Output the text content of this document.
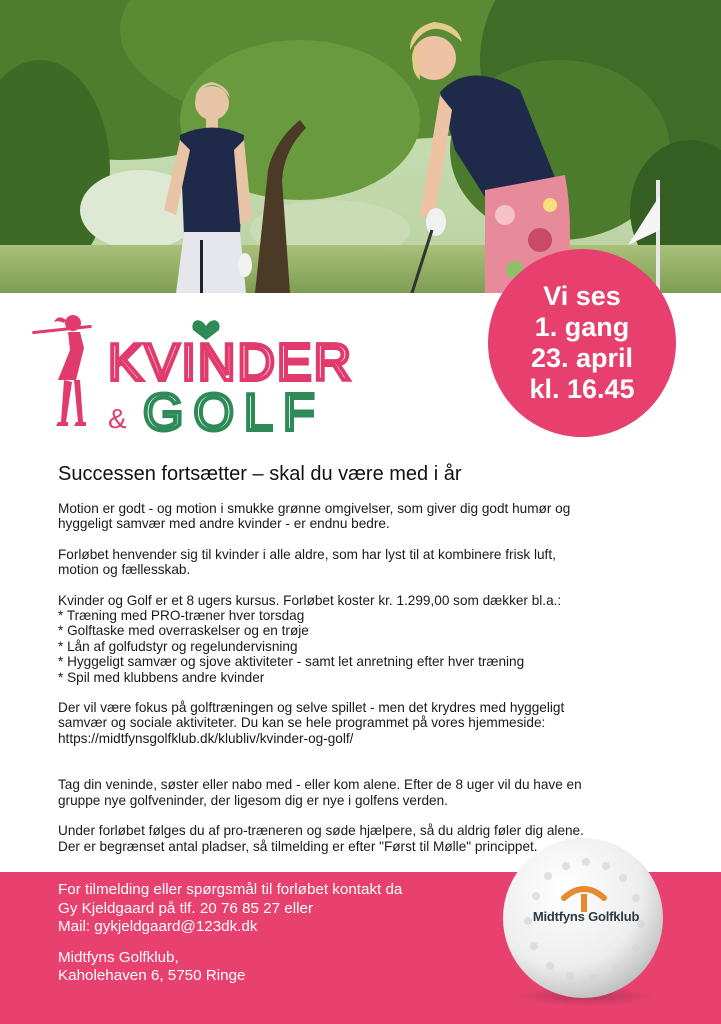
Vi ses
1. gang
23. april
kl. 16.45
KVINDER
& GOLF
Successen fortsætter – skal du være med i år

Motion er godt - og motion i smukke grønne omgivelser, som giver dig godt humør og
hyggeligt samvær med andre kvinder - er endnu bedre.

Forløbet henvender sig til kvinder i alle aldre, som har lyst til at kombinere frisk luft,
motion og fællesskab.

Kvinder og Golf er et 8 ugers kursus. Forløbet koster kr. 1.299,00 som dækker bl.a.:
* Træning med PRO-træner hver torsdag
* Golftaske med overraskelser og en trøje
* Lån af golfudstyr og regelundervisning
* Hyggeligt samvær og sjove aktiviteter - samt let anretning efter hver træning
* Spil med klubbens andre kvinder

Der vil være fokus på golftræningen og selve spillet - men det krydres med hyggeligt
samvær og sociale aktiviteter. Du kan se hele programmet på vores hjemmeside:
https://midtfynsgolfklub.dk/klubliv/kvinder-og-golf/

Tag din veninde, søster eller nabo med - eller kom alene. Efter de 8 uger vil du have en
gruppe nye golfveninder, der ligesom dig er nye i golfens verden.

Under forløbet følges du af pro-træneren og søde hjælpere, så du aldrig føler dig alene.
Der er begrænset antal pladser, så tilmelding er efter "Først til Mølle" princippet.

For tilmelding eller spørgsmål til forløbet kontakt da
Gy Kjeldgaard på tlf. 20 76 85 27 eller
Mail: gykjeldgaard@123dk.dk
Midtfyns Golfklub,
Kaholehaven 6, 5750 Ringe
Midtfyns Golfklub
